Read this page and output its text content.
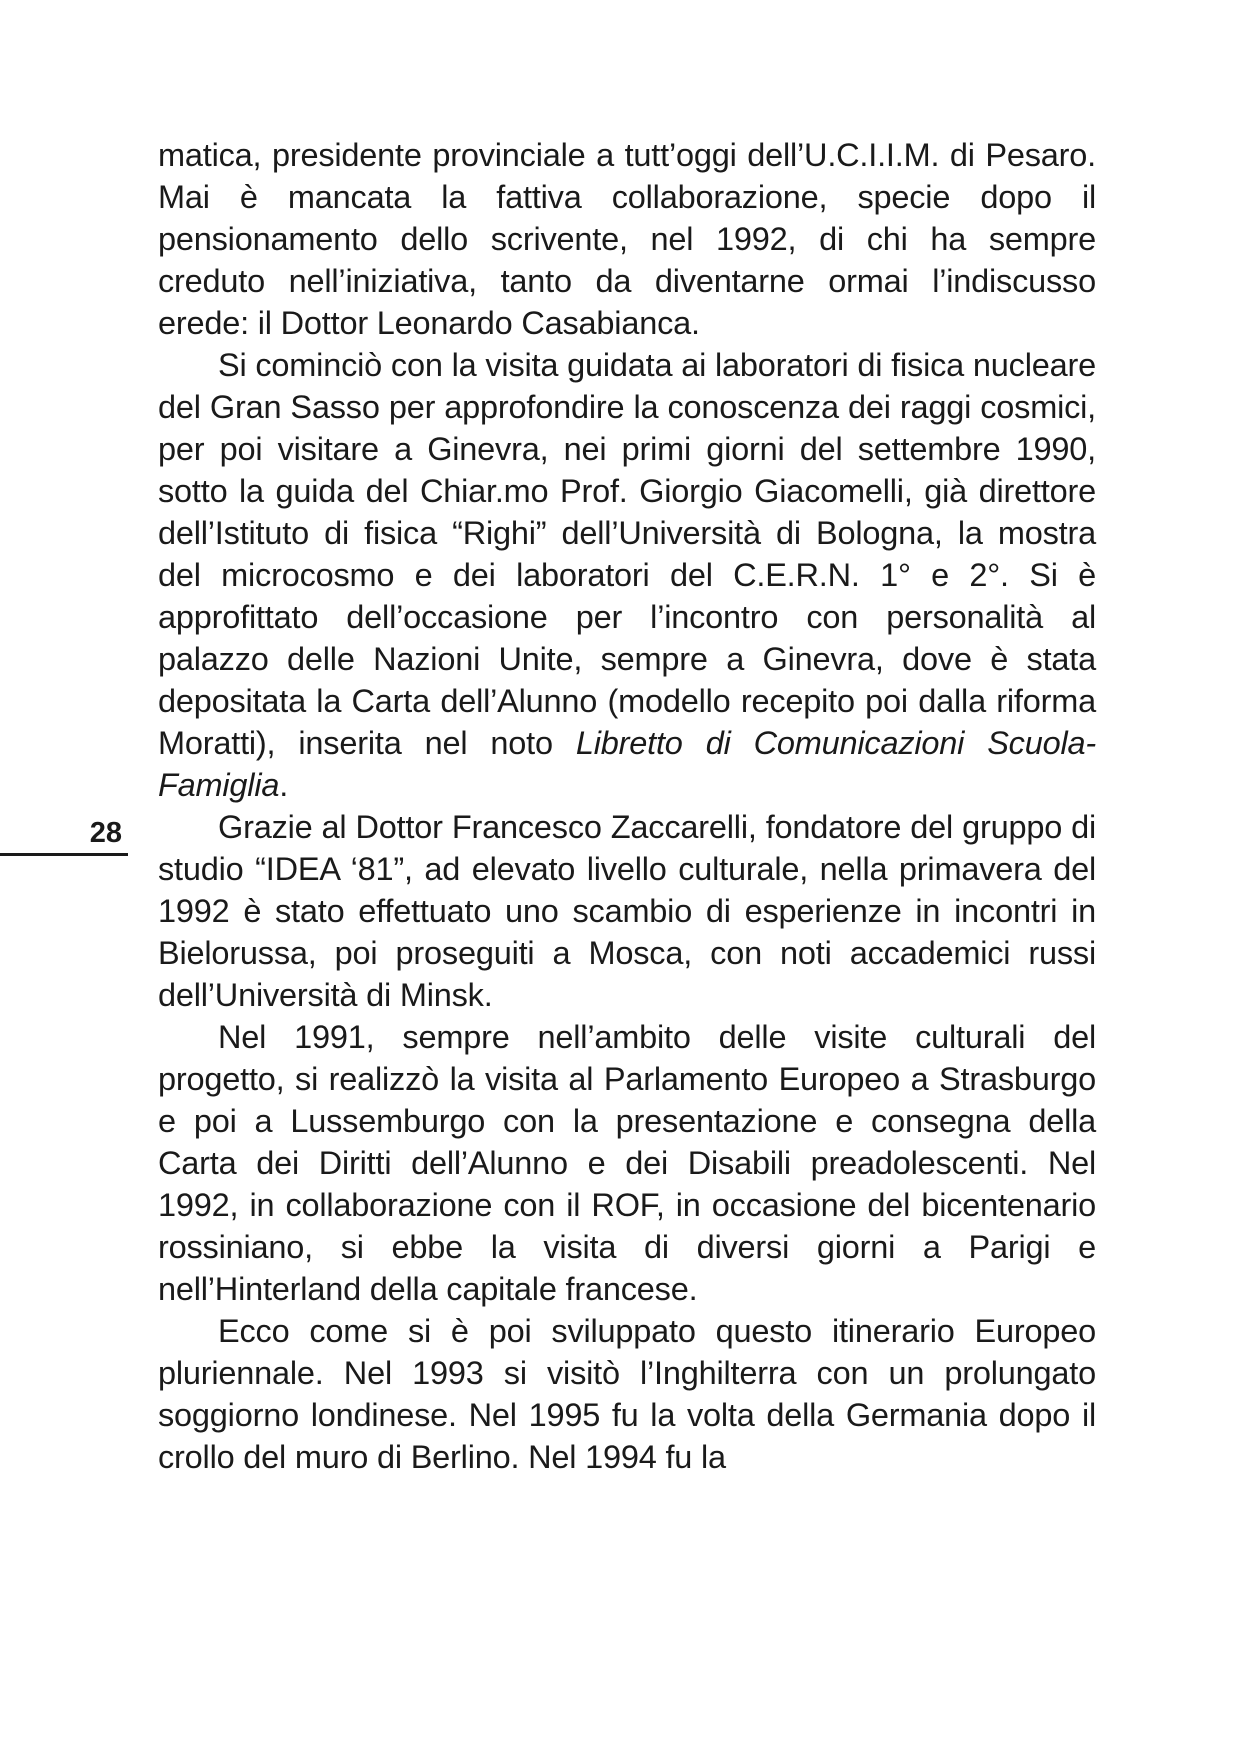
matica, presidente provinciale a tutt’oggi dell’U.C.I.I.M. di Pesaro. Mai è mancata la fattiva collaborazione, specie dopo il pensionamento dello scrivente, nel 1992, di chi ha sempre creduto nell’iniziativa, tanto da diventarne ormai l’indiscusso erede: il Dottor Leonardo Casabianca.

Si cominciò con la visita guidata ai laboratori di fisica nucleare del Gran Sasso per approfondire la conoscenza dei raggi cosmici, per poi visitare a Ginevra, nei primi giorni del settembre 1990, sotto la guida del Chiar.mo Prof. Giorgio Giacomelli, già direttore dell’Istituto di fisica “Righi” dell’Università di Bologna, la mostra del microcosmo e dei laboratori del C.E.R.N. 1° e 2°. Si è approfittato dell’occasione per l’incontro con personalità al palazzo delle Nazioni Unite, sempre a Ginevra, dove è stata depositata la Carta dell’Alunno (modello recepito poi dalla riforma Moratti), inserita nel noto Libretto di Comunicazioni Scuola-Famiglia.

Grazie al Dottor Francesco Zaccarelli, fondatore del gruppo di studio “IDEA ‘81”, ad elevato livello culturale, nella primavera del 1992 è stato effettuato uno scambio di esperienze in incontri in Bielorussa, poi proseguiti a Mosca, con noti accademici russi dell’Università di Minsk.

Nel 1991, sempre nell’ambito delle visite culturali del progetto, si realizzò la visita al Parlamento Europeo a Strasburgo e poi a Lussemburgo con la presentazione e consegna della Carta dei Diritti dell’Alunno e dei Disabili preadolescenti. Nel 1992, in collaborazione con il ROF, in occasione del bicentenario rossiniano, si ebbe la visita di diversi giorni a Parigi e nell’Hinterland della capitale francese.

Ecco come si è poi sviluppato questo itinerario Europeo pluriennale. Nel 1993 si visitò l’Inghilterra con un prolungato soggiorno londinese. Nel 1995 fu la volta della Germania dopo il crollo del muro di Berlino. Nel 1994 fu la

28
